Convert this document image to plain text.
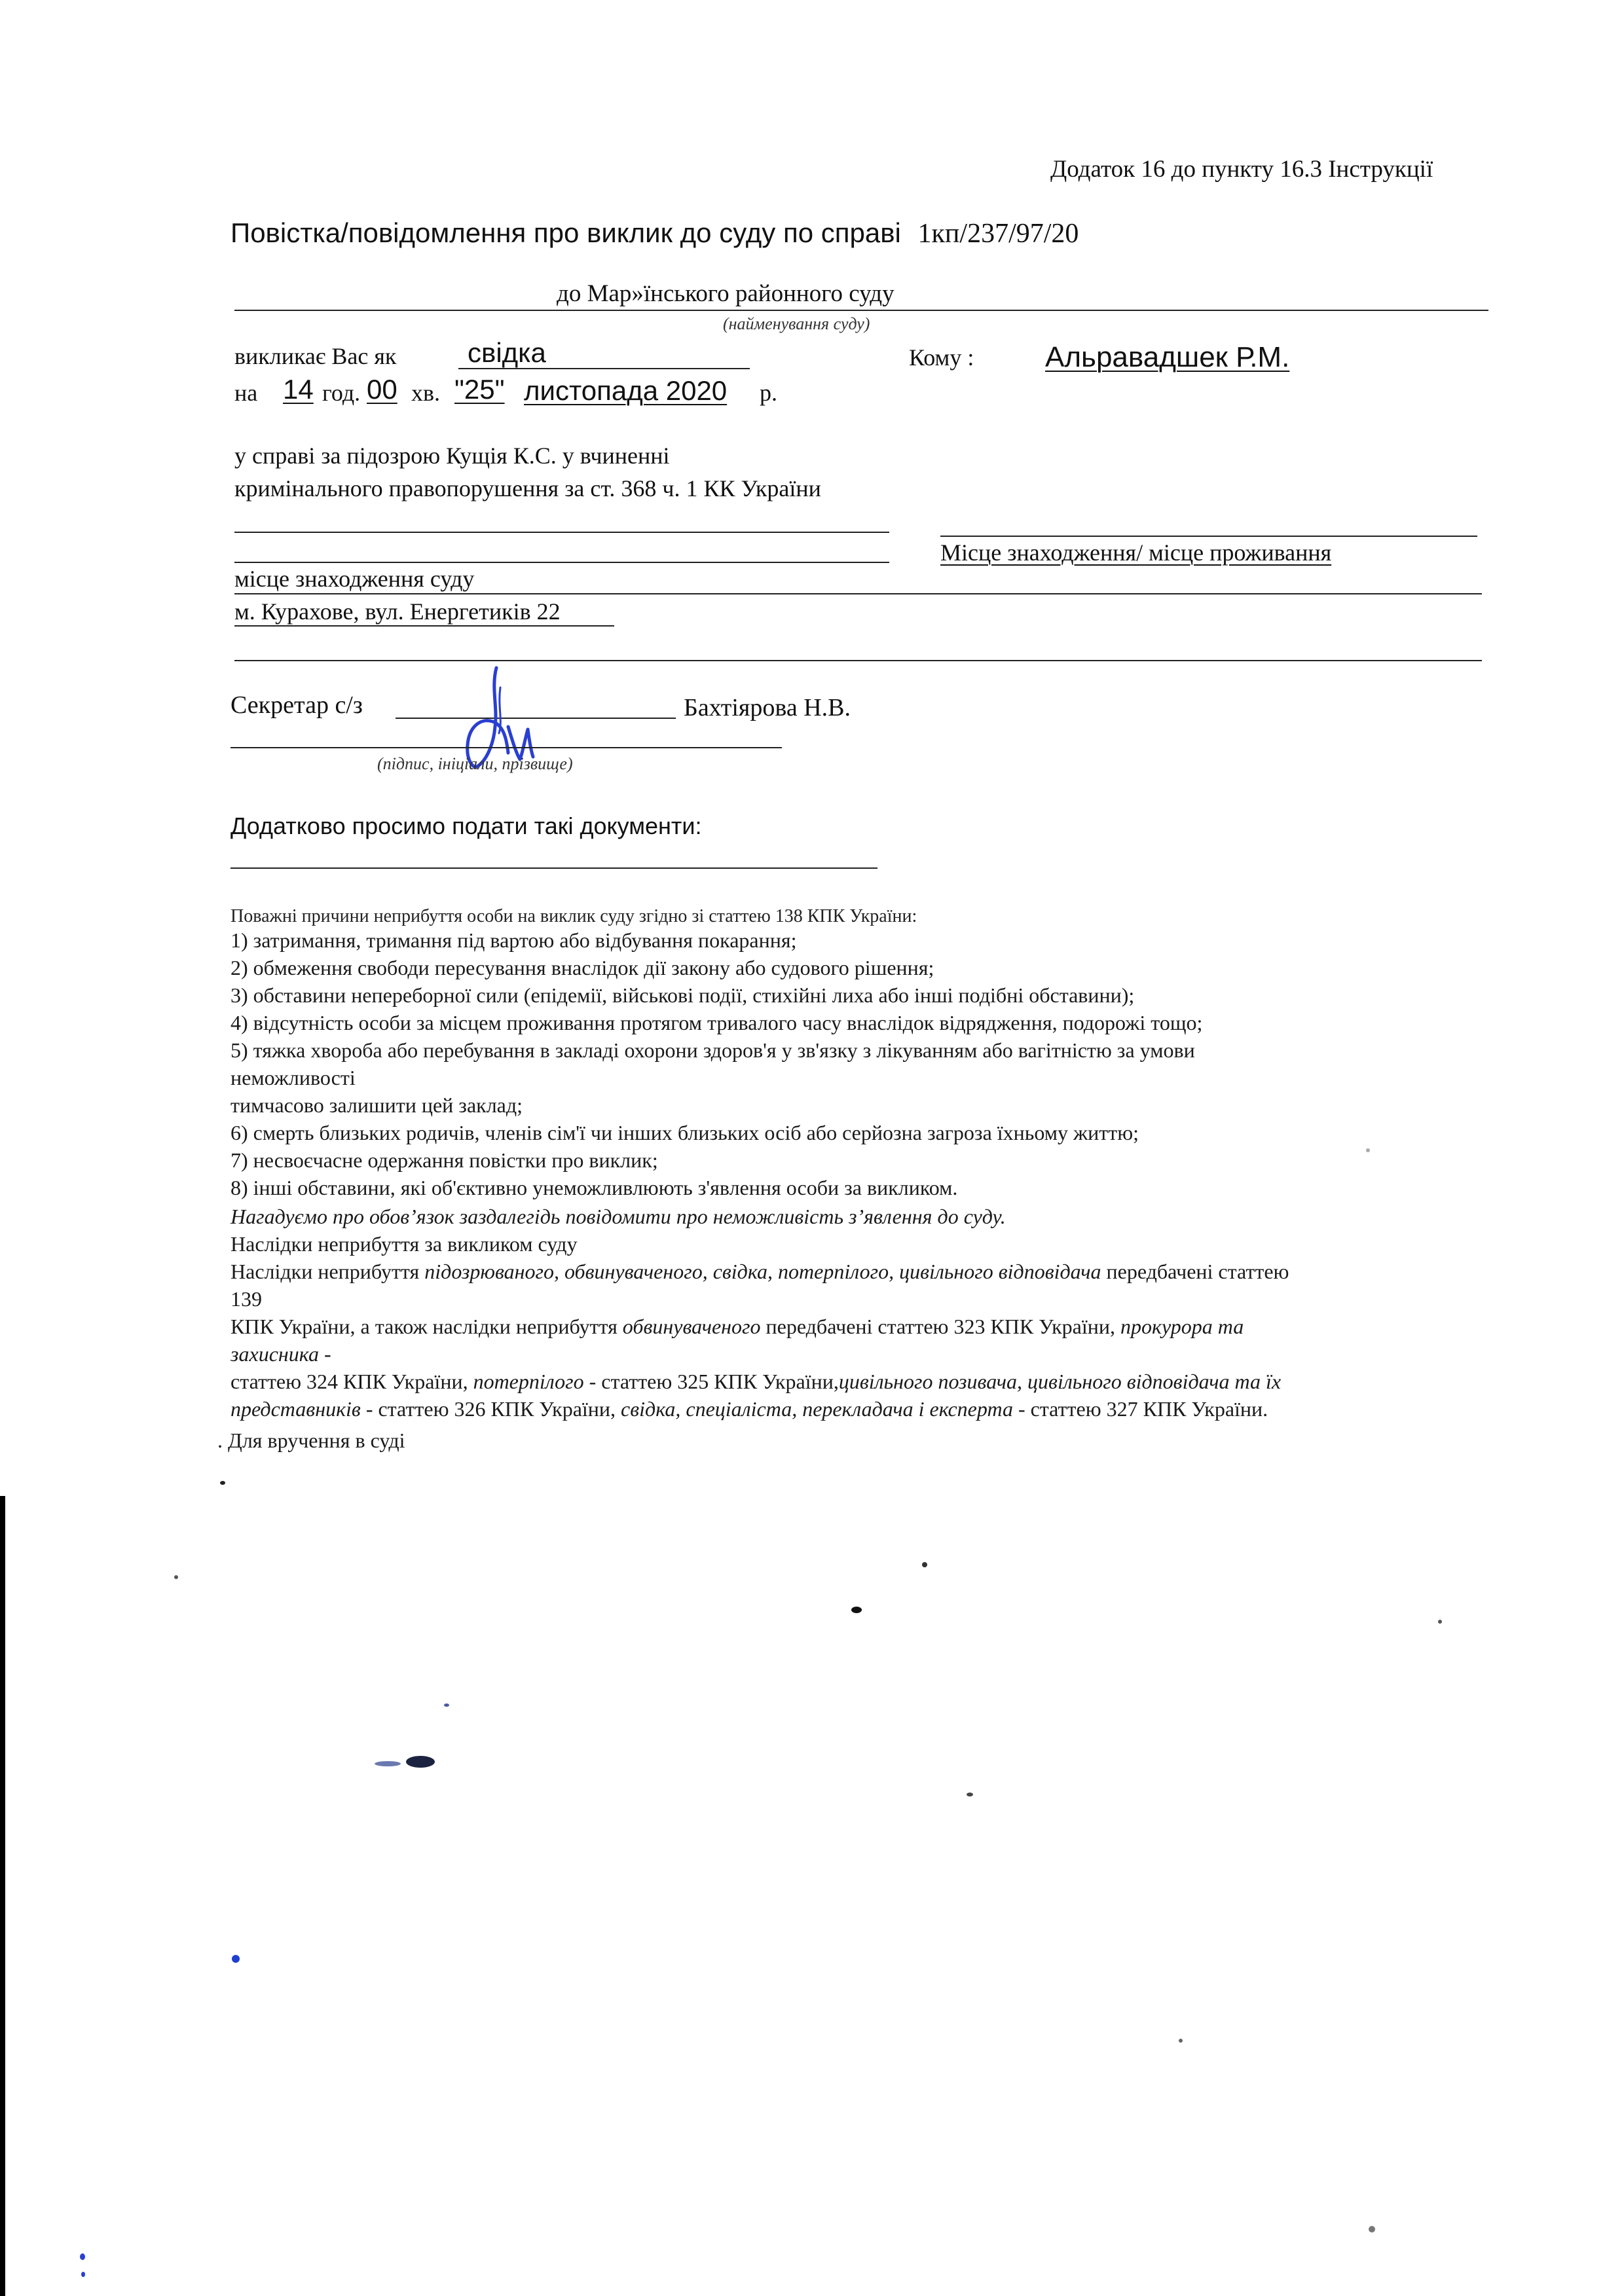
Додаток 16 до пункту 16.3 Інструкції
Повістка/повідомлення про виклик до суду по справі 1кп/237/97/20
до Мар»їнського районного суду
(найменування суду)
викликає Вас як	свідка	Кому : Альравадшек Р.М.
на 14 год. 00 хв. "25" листопада 2020 р.
у справі за підозрою Кущія К.С. у вчиненні
кримінального правопорушення за ст. 368 ч. 1 КК України
Місце знаходження/ місце проживання
місце знаходження суду
м. Курахове, вул. Енергетиків 22
Секретар с/з	Бахтіярова Н.В.
(підпис, ініціали, прізвище)
Додатково просимо подати такі документи:
Поважні причини неприбуття особи на виклик суду згідно зі статтею 138 КПК України:
1) затримання, тримання під вартою або відбування покарання;
2) обмеження свободи пересування внаслідок дії закону або судового рішення;
3) обставини непереборної сили (епідемії, військові події, стихійні лиха або інші подібні обставини);
4) відсутність особи за місцем проживання протягом тривалого часу внаслідок відрядження, подорожі тощо;
5) тяжка хвороба або перебування в закладі охорони здоров'я у зв'язку з лікуванням або вагітністю за умови
неможливості
тимчасово залишити цей заклад;
6) смерть близьких родичів, членів сім'ї чи інших близьких осіб або серйозна загроза їхньому життю;
7) несвоєчасне одержання повістки про виклик;
8) інші обставини, які об'єктивно унеможливлюють з'явлення особи за викликом.
Нагадуємо про обов’язок заздалегідь повідомити про неможливість з’явлення до суду.
Наслідки неприбуття за викликом суду
Наслідки неприбуття підозрюваного, обвинуваченого, свідка, потерпілого, цивільного відповідача передбачені статтею
139
КПК України, а також наслідки неприбуття обвинуваченого передбачені статтею 323 КПК України, прокурора та
захисника -
статтею 324 КПК України, потерпілого - статтею 325 КПК України,цивільного позивача, цивільного відповідача та їх
представників - статтею 326 КПК України, свідка, спеціаліста, перекладача і експерта - статтею 327 КПК України.
. Для вручення в суді
